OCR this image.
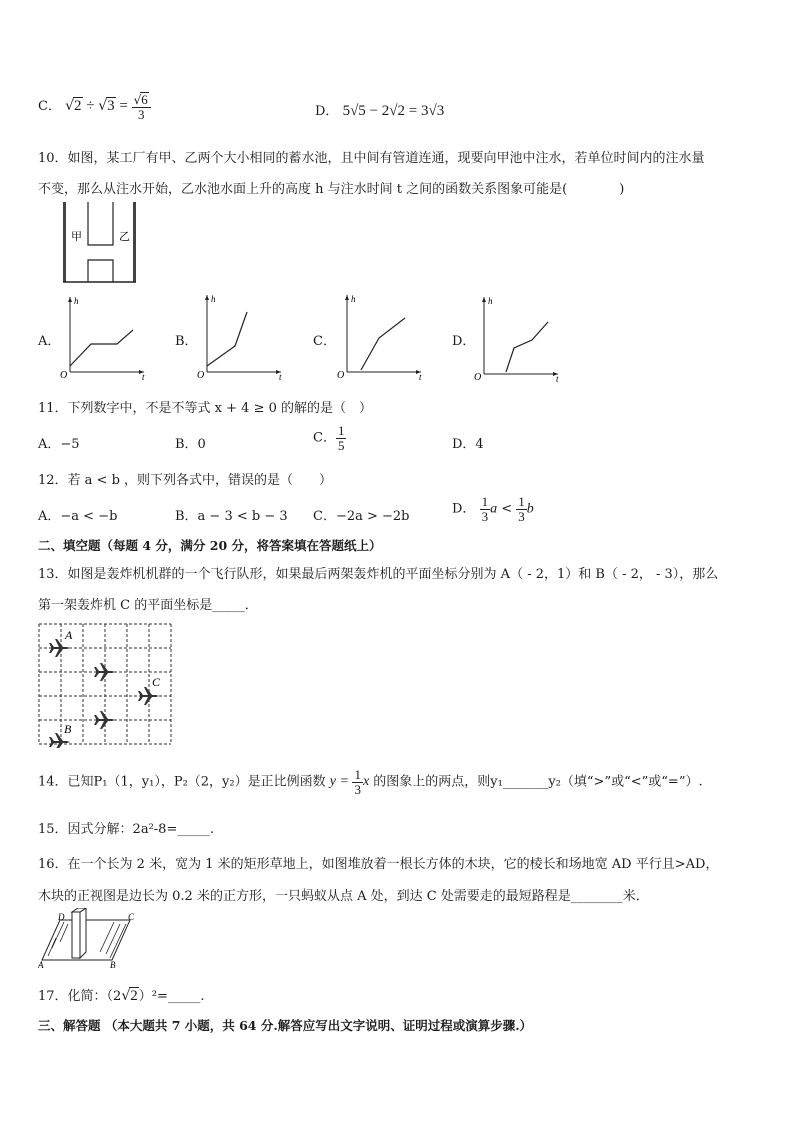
C． $√2 \div √3 = \frac{√6}{3}$	D． 5√5 − 2√2 = 3√3
10．如图，某工厂有甲、乙两个大小相同的蓄水池，且中间有管道连通，现要向甲池中注水，若单位时间内的注水量
不变，那么从注水开始，乙水池水面上升的高度 h 与注水时间 t 之间的函数关系图象可能是(　　　　)
甲	乙
A．
h
t
O
B．
h
t
O
C．
h
t
O
D．
h
t
O
11．下列数字中，不是不等式 x + 4 ≥ 0 的解的是（　）
A．−5	B．0	C． $\frac{1}{5}$	D．4
12．若 a < b ，则下列各式中，错误的是（　　）
A．−a < −b	B．a − 3 < b − 3 C．−2a > −2b	D． $\frac{1}{3}$ $a < \frac{1}{3}$ b
二、填空题（每题 4 分，满分 20 分，将答案填在答题纸上）
13．如图是轰炸机机群的一个飞行队形，如果最后两架轰炸机的平面坐标分别为 A（ - 2，1）和 B（ - 2， - 3），那么
第一架轰炸机 C 的平面坐标是_____．
A
C
B
14．已知P₁（1，y₁），P₂（2，y₂）是正比例函数 $y = \frac{1}{3}$ x 的图象上的两点，则y₁_______y₂（填“>”或“<”或“=”）.
15．因式分解：2a²-8=_____.
16．在一个长为 2 米，宽为 1 米的矩形草地上，如图堆放着一根长方体的木块，它的棱长和场地宽 AD 平行且>AD，
木块的正视图是边长为 0.2 米的正方形，一只蚂蚁从点 A 处，到达 C 处需要走的最短路程是________米．
D	C
A	B
17．化简：（2√2）²=_____.
三、解答题 （本大题共 7 小题，共 64 分.解答应写出文字说明、证明过程或演算步骤.）
